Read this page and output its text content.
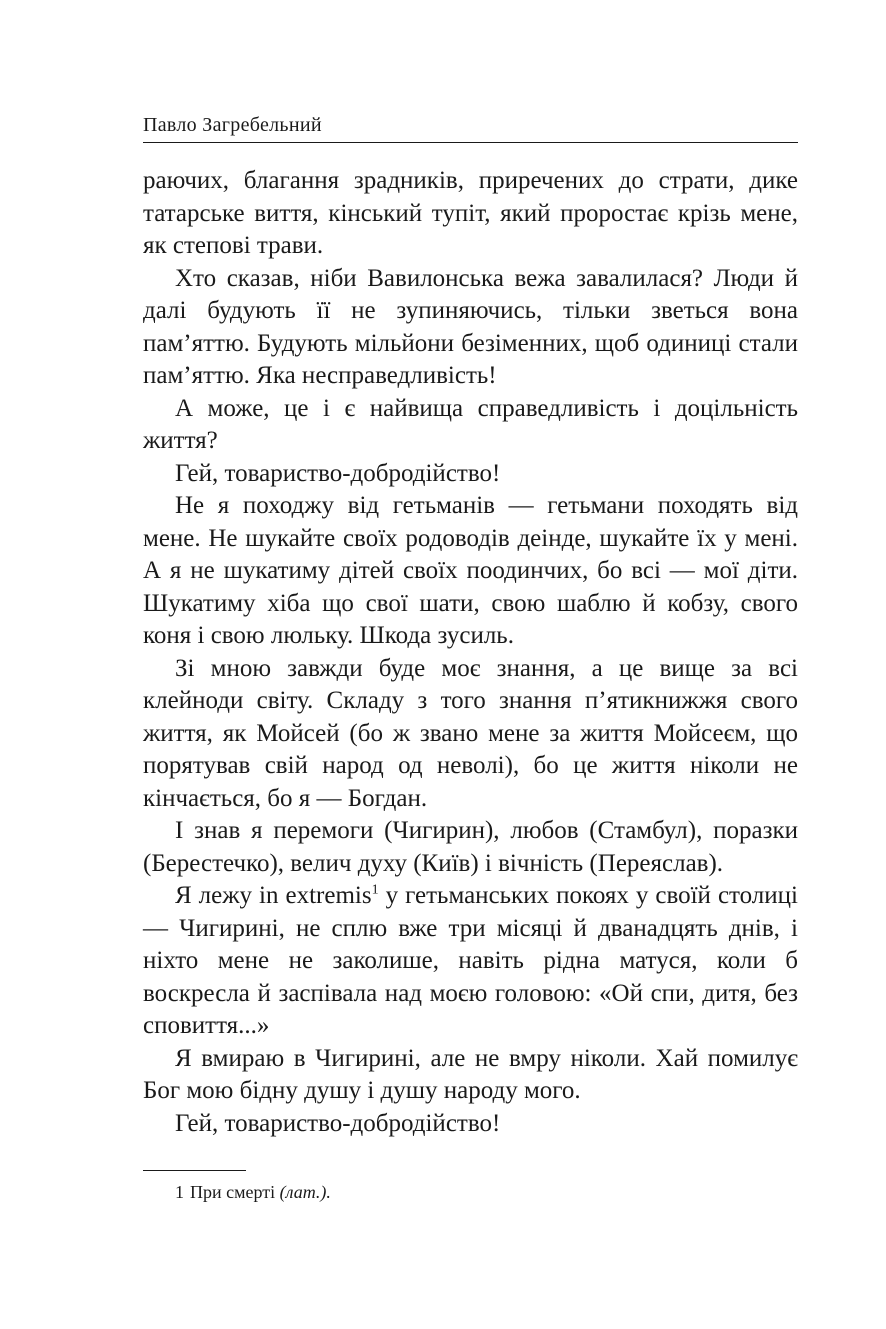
Павло Загребельний

раючих, благання зрадників, приречених до страти, дике татарське виття, кінський тупіт, який проростає крізь мене, як степові трави.

Хто сказав, ніби Вавилонська вежа завалилася? Люди й далі будують її не зупиняючись, тільки зветься вона пам’яттю. Будують мільйони безіменних, щоб одиниці стали пам’яттю. Яка несправедливість!

А може, це і є найвища справедливість і доцільність життя?

Гей, товариство-добродійство!

Не я походжу від гетьманів — гетьмани походять від мене. Не шукайте своїх родоводів деінде, шукайте їх у мені. А я не шукатиму дітей своїх поодинчих, бо всі — мої діти. Шукатиму хіба що свої шати, свою шаблю й кобзу, свого коня і свою люльку. Шкода зусиль.

Зі мною завжди буде моє знання, а це вище за всі клейноди світу. Складу з того знання п’ятикнижжя свого життя, як Мойсей (бо ж звано мене за життя Мойсеєм, що порятував свій народ од неволі), бо це життя ніколи не кінчається, бо я — Богдан.

І знав я перемоги (Чигирин), любов (Стамбул), поразки (Берестечко), велич духу (Київ) і вічність (Переяслав).

Я лежу in extremis$^1$ у гетьманських покоях у своїй столиці — Чигирині, не сплю вже три місяці й дванадцять днів, і ніхто мене не заколише, навіть рідна матуся, коли б воскресла й заспівала над моєю головою: «Ой спи, дитя, без сповиття...»

Я вмираю в Чигирині, але не вмру ніколи. Хай помилує Бог мою бідну душу і душу народу мого.

Гей, товариство-добродійство!

1 При смерті (лат.).
